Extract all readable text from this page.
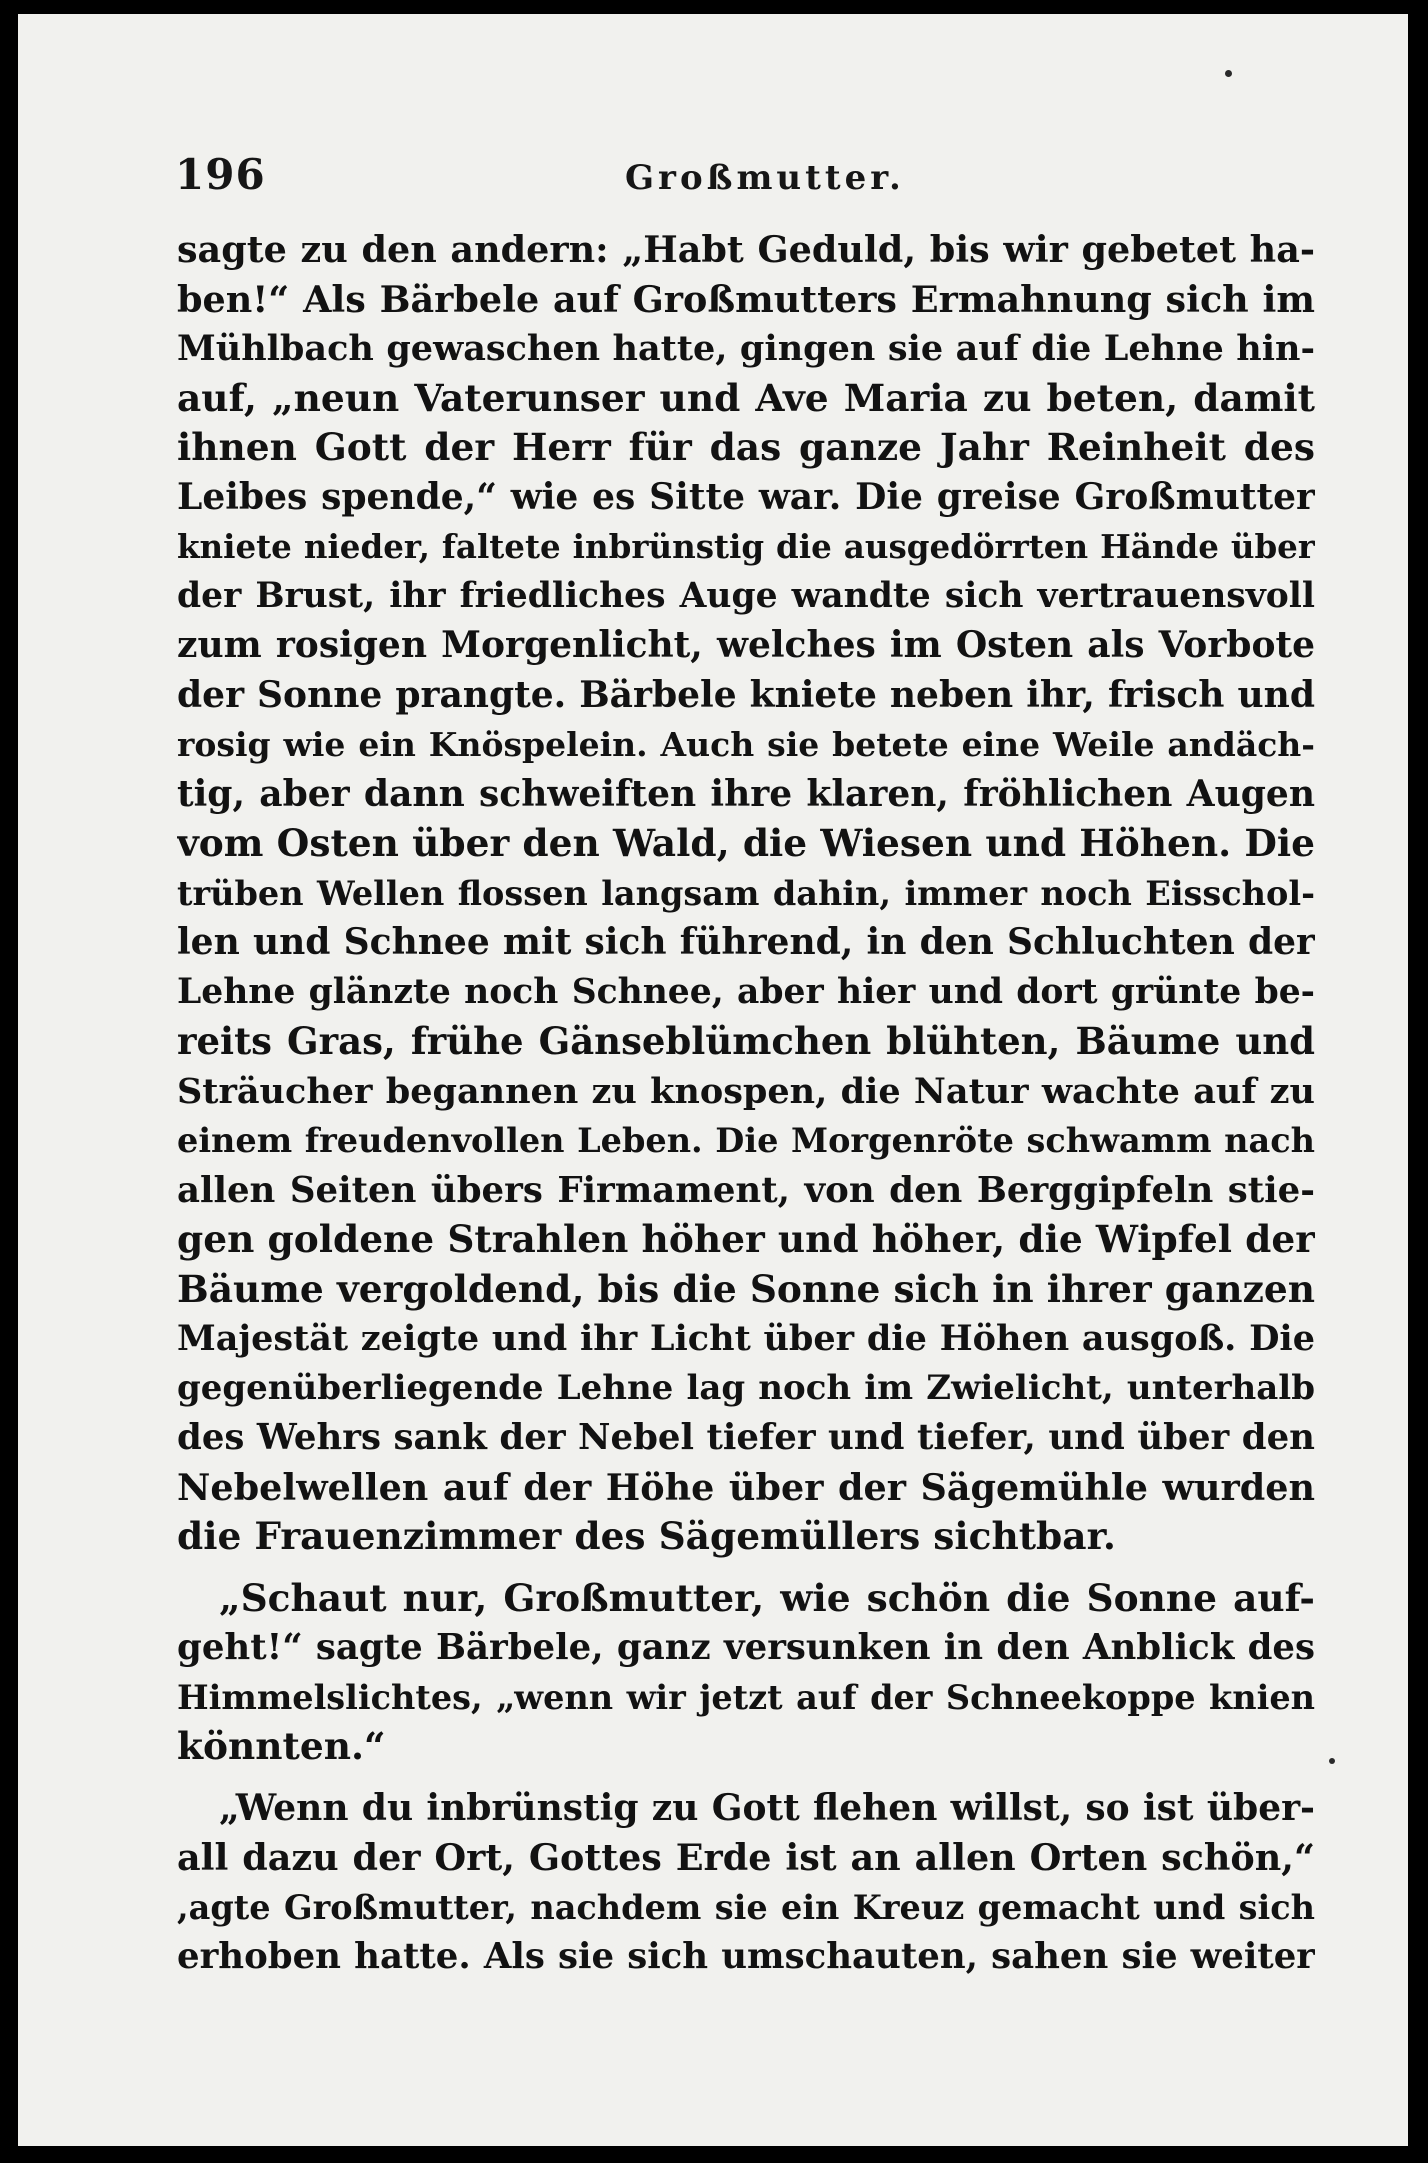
196	Großmutter.
sagte zu den andern: „Habt Geduld, bis wir gebetet ha-
ben!“ Als Bärbele auf Großmutters Ermahnung sich im
Mühlbach gewaschen hatte, gingen sie auf die Lehne hin-
auf, „neun Vaterunser und Ave Maria zu beten, damit
ihnen Gott der Herr für das ganze Jahr Reinheit des
Leibes spende,“ wie es Sitte war. Die greise Großmutter
kniete nieder, faltete inbrünstig die ausgedörrten Hände über
der Brust, ihr friedliches Auge wandte sich vertrauensvoll
zum rosigen Morgenlicht, welches im Osten als Vorbote
der Sonne prangte. Bärbele kniete neben ihr, frisch und
rosig wie ein Knöspelein. Auch sie betete eine Weile andäch-
tig, aber dann schweiften ihre klaren, fröhlichen Augen
vom Osten über den Wald, die Wiesen und Höhen. Die
trüben Wellen flossen langsam dahin, immer noch Eisschol-
len und Schnee mit sich führend, in den Schluchten der
Lehne glänzte noch Schnee, aber hier und dort grünte be-
reits Gras, frühe Gänseblümchen blühten, Bäume und
Sträucher begannen zu knospen, die Natur wachte auf zu
einem freudenvollen Leben. Die Morgenröte schwamm nach
allen Seiten übers Firmament, von den Berggipfeln stie-
gen goldene Strahlen höher und höher, die Wipfel der
Bäume vergoldend, bis die Sonne sich in ihrer ganzen
Majestät zeigte und ihr Licht über die Höhen ausgoß. Die
gegenüberliegende Lehne lag noch im Zwielicht, unterhalb
des Wehrs sank der Nebel tiefer und tiefer, und über den
Nebelwellen auf der Höhe über der Sägemühle wurden
die Frauenzimmer des Sägemüllers sichtbar.
„Schaut nur, Großmutter, wie schön die Sonne auf-
geht!“ sagte Bärbele, ganz versunken in den Anblick des
Himmelslichtes, „wenn wir jetzt auf der Schneekoppe knien
könnten.“
„Wenn du inbrünstig zu Gott flehen willst, so ist über-
all dazu der Ort, Gottes Erde ist an allen Orten schön,“
,agte Großmutter, nachdem sie ein Kreuz gemacht und sich
erhoben hatte. Als sie sich umschauten, sahen sie weiter
